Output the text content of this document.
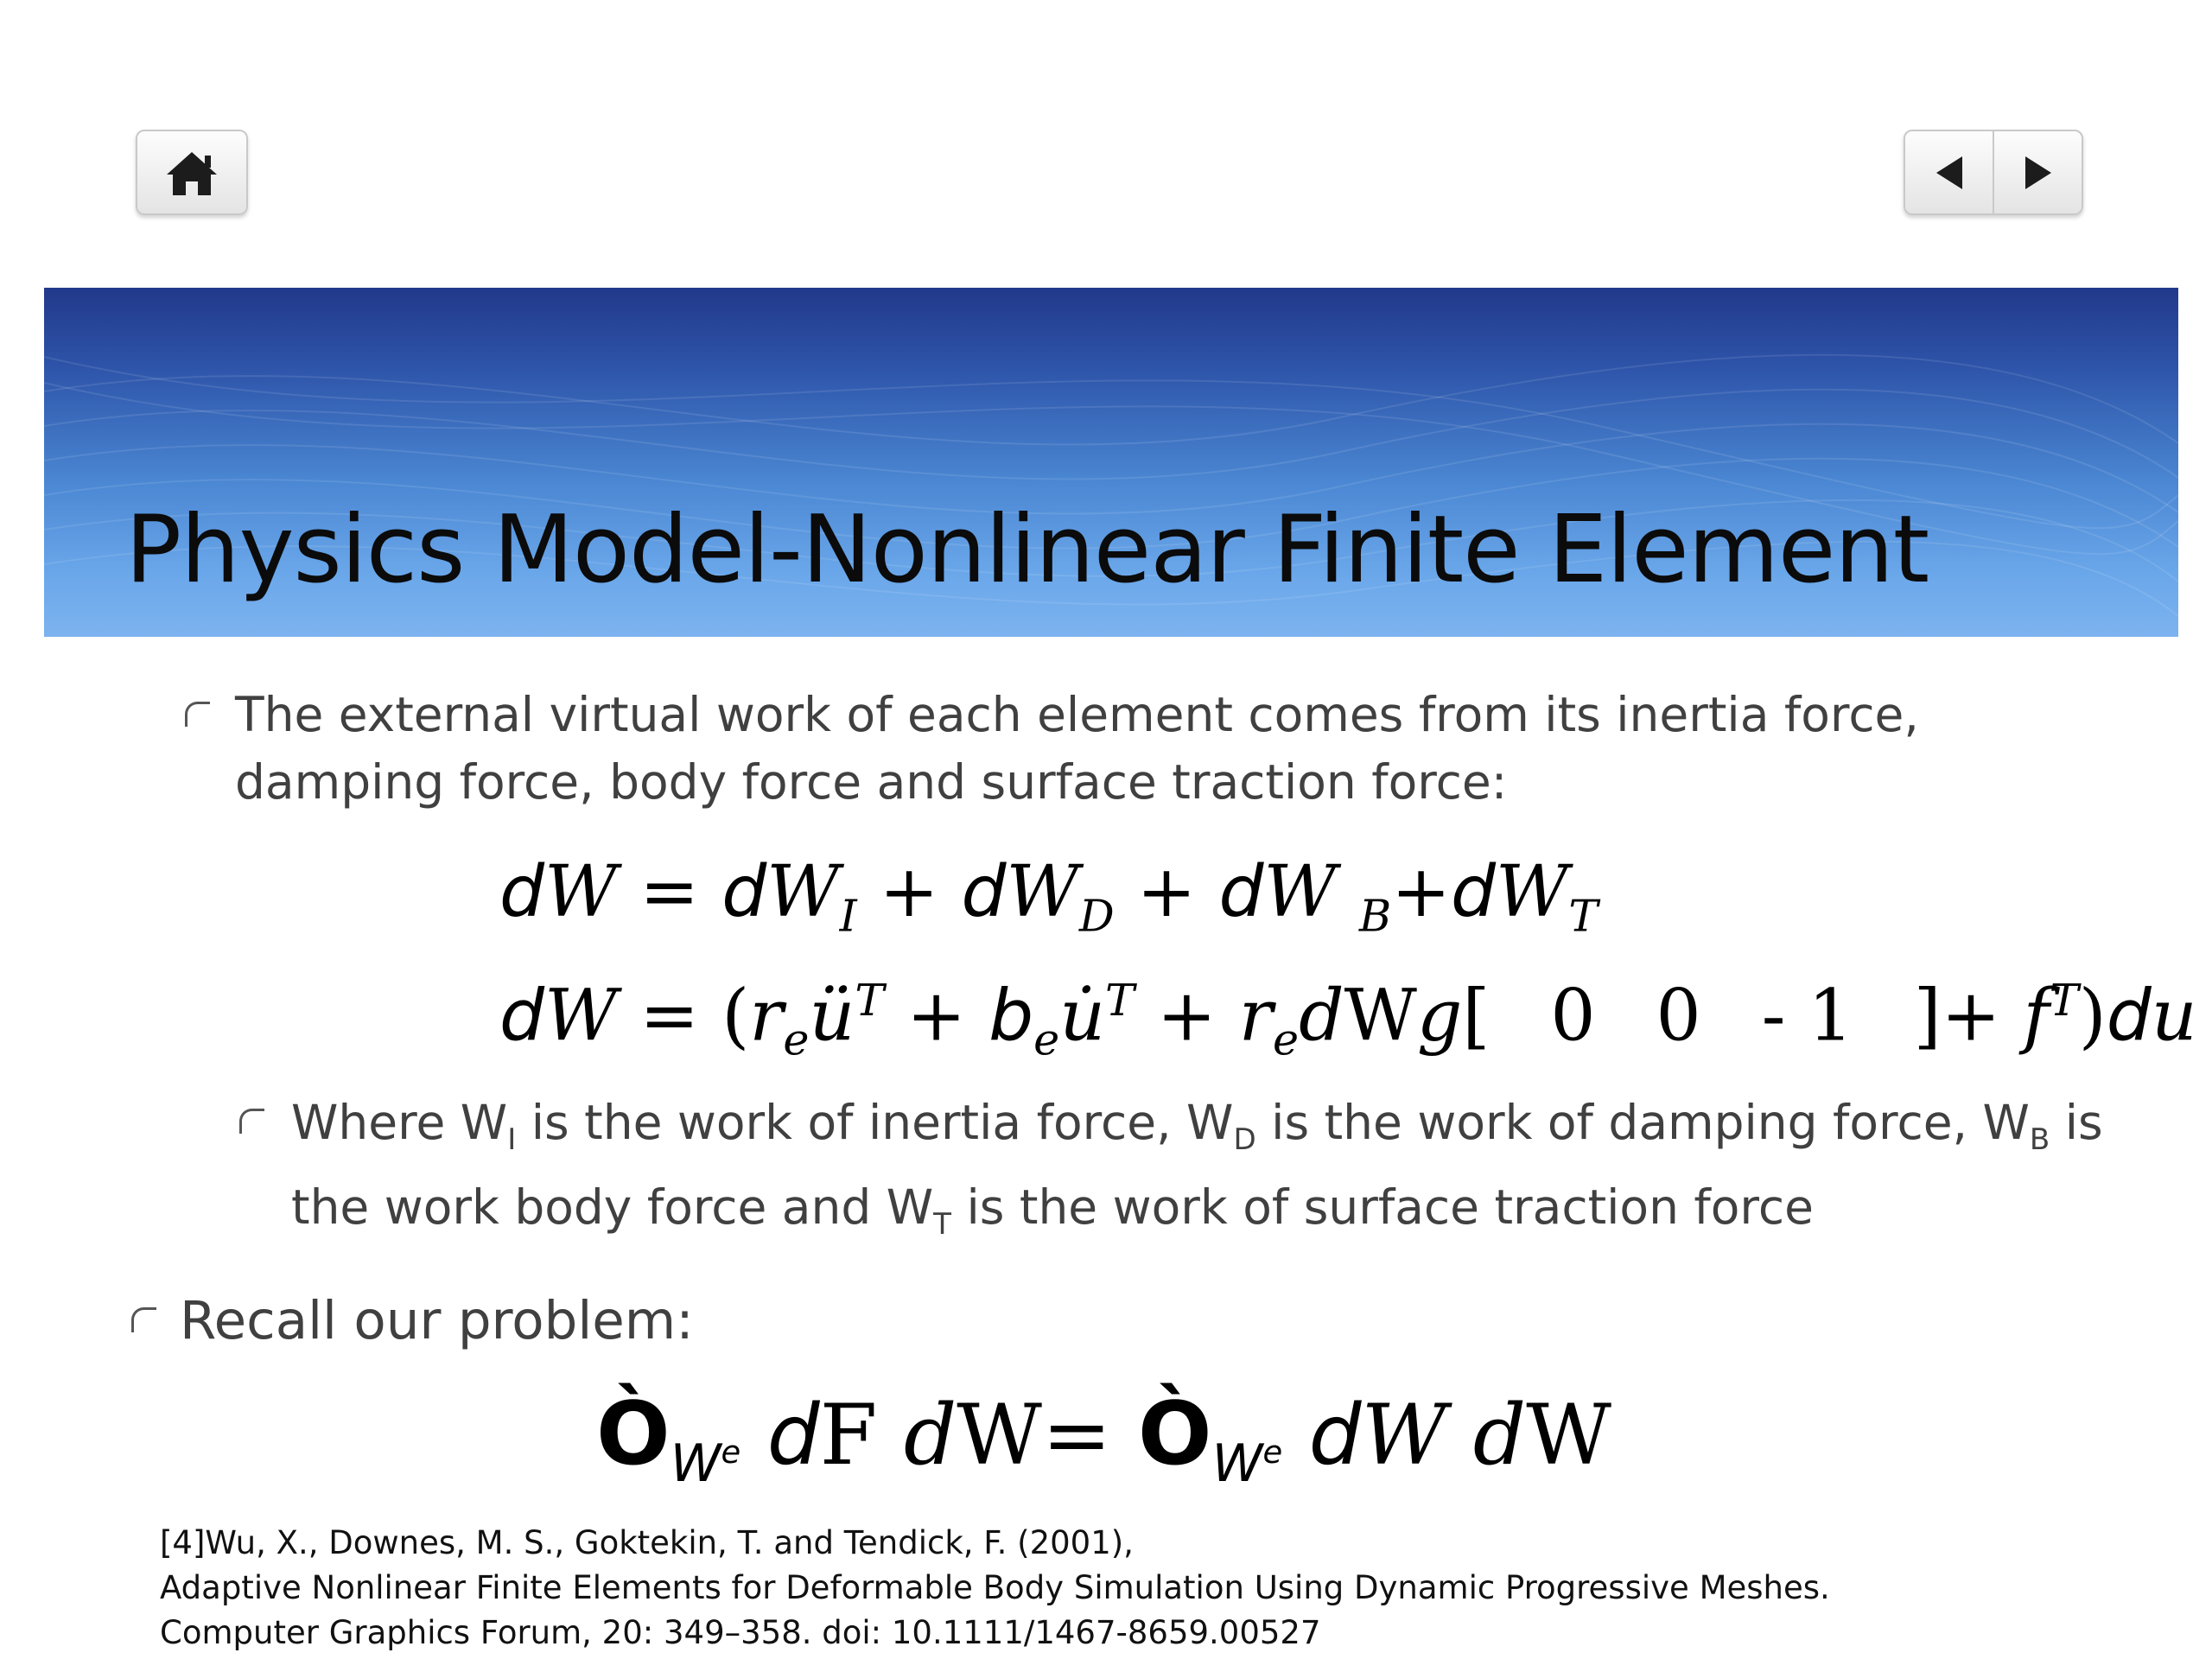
Physics Model-Nonlinear Finite Element

The external virtual work of each element comes from its inertia force, damping force, body force and surface traction force:

dW = $dW_I + dW_D$ + dW $_B+dW_T$
dW = ($r_eü^T$ + $b_eu̇^T + r_edWg$[ 0 0 - 1 ]+ $f^T)du$

Where $W_I$ is the work of inertia force, $W_D$ is the work of damping force, $W_B$ is the work body force and $W_T$ is the work of surface traction force

Recall our problem:

$Ò_{W^e}$ dF $dW= Ò_{W^e}$ dW dW
[4]Wu, X., Downes, M. S., Goktekin, T. and Tendick, F. (2001),
Adaptive Nonlinear Finite Elements for Deformable Body Simulation Using Dynamic Progressive Meshes.
Computer Graphics Forum, 20: 349–358. doi: 10.1111/1467-8659.00527
